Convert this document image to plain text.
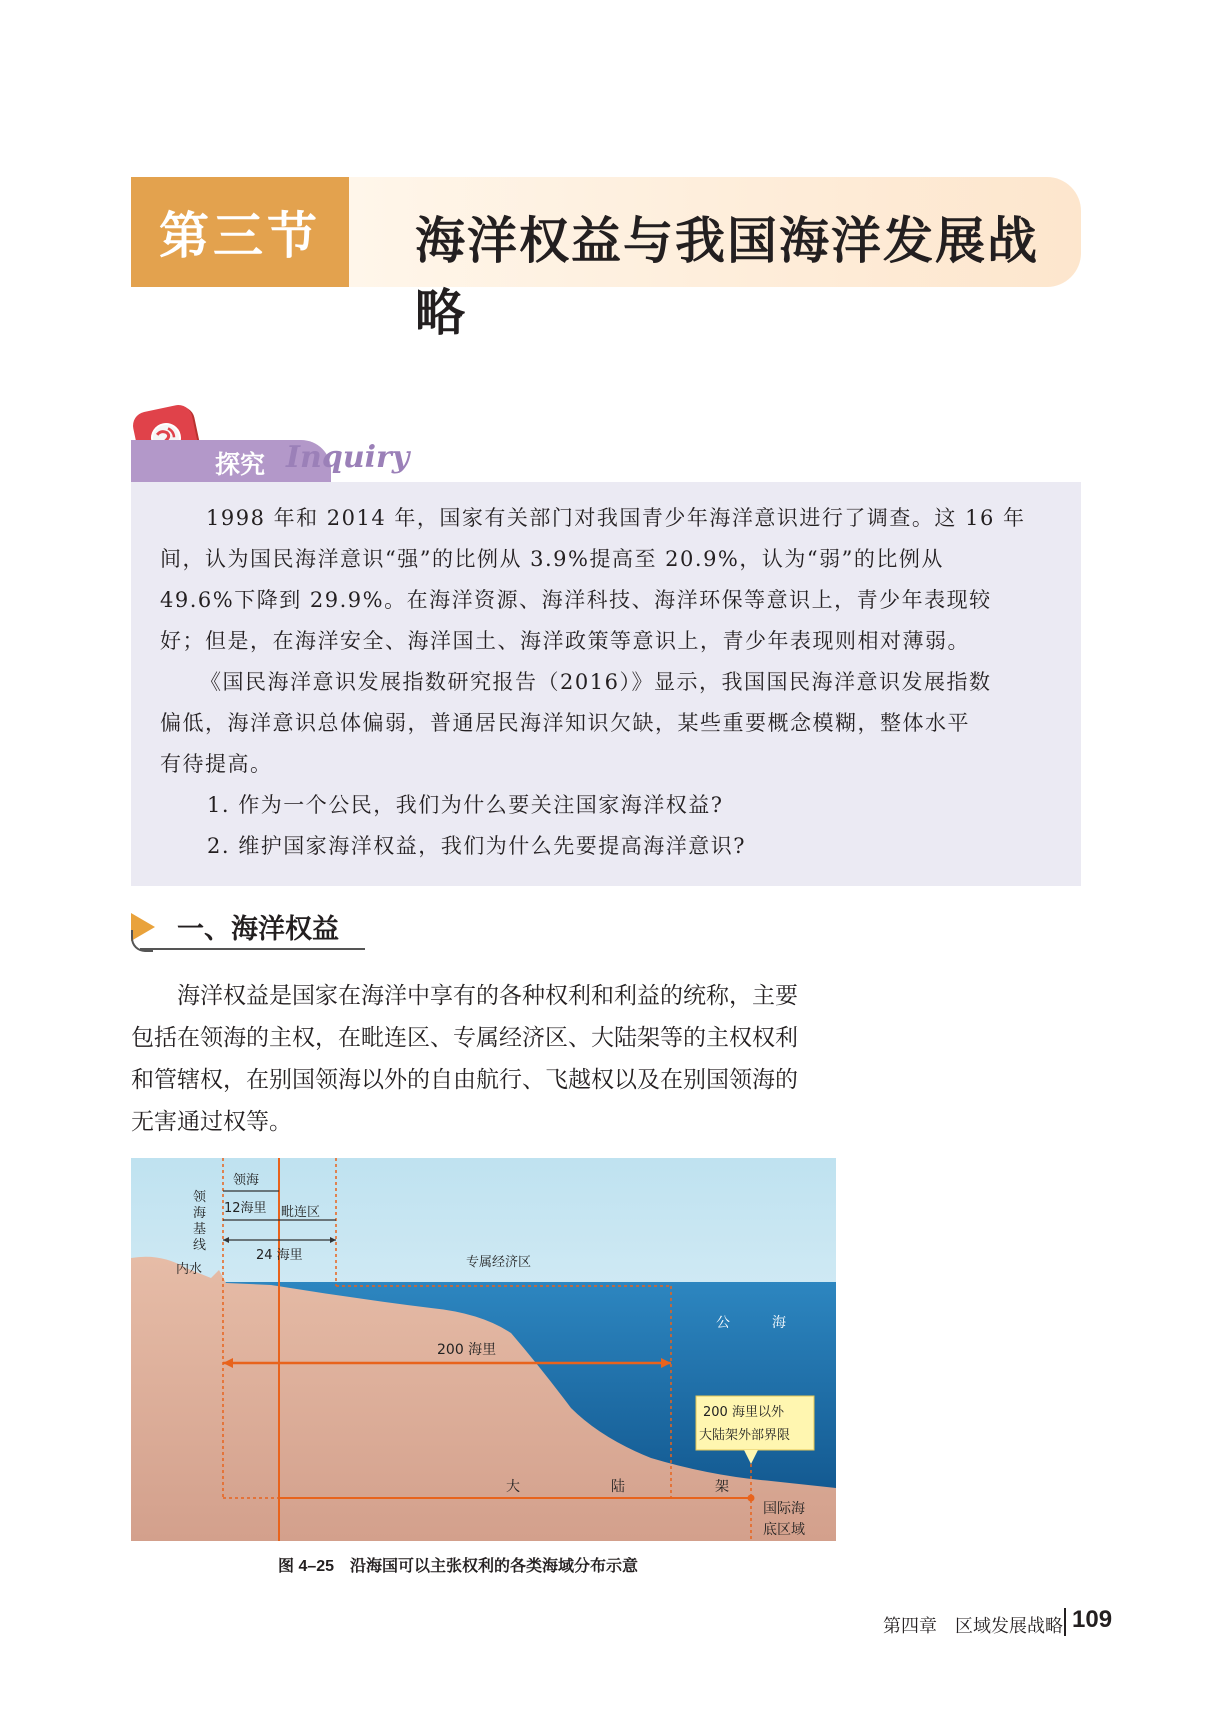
第三节	海洋权益与我国海洋发展战略
探究 Inquiry

1998 年和 2014 年，国家有关部门对我国青少年海洋意识进行了调查。这 16 年

间，认为国民海洋意识“强”的比例从 3.9%提高至 20.9%，认为“弱”的比例从

49.6%下降到 29.9%。在海洋资源、海洋科技、海洋环保等意识上，青少年表现较

好；但是，在海洋安全、海洋国土、海洋政策等意识上，青少年表现则相对薄弱。

《国民海洋意识发展指数研究报告（2016）》显示，我国国民海洋意识发展指数

偏低，海洋意识总体偏弱，普通居民海洋知识欠缺，某些重要概念模糊，整体水平

有待提高。

1. 作为一个公民，我们为什么要关注国家海洋权益?

2. 维护国家海洋权益，我们为什么先要提高海洋意识?

一、海洋权益
海洋权益是国家在海洋中享有的各种权利和利益的统称，主要
包括在领海的主权，在毗连区、专属经济区、大陆架等的主权权利
和管辖权，在别国领海以外的自由航行、飞越权以及在别国领海的
无害通过权等。
领
海
基
线
内水
领海
12海里 毗连区
24 海里	专属经济区
200 海里
公	海
200 海里以外
大陆架外部界限
大	陆	架
国际海
底区域
图 4–25　沿海国可以主张权利的各类海域分布示意
第四章　区域发展战略 109
